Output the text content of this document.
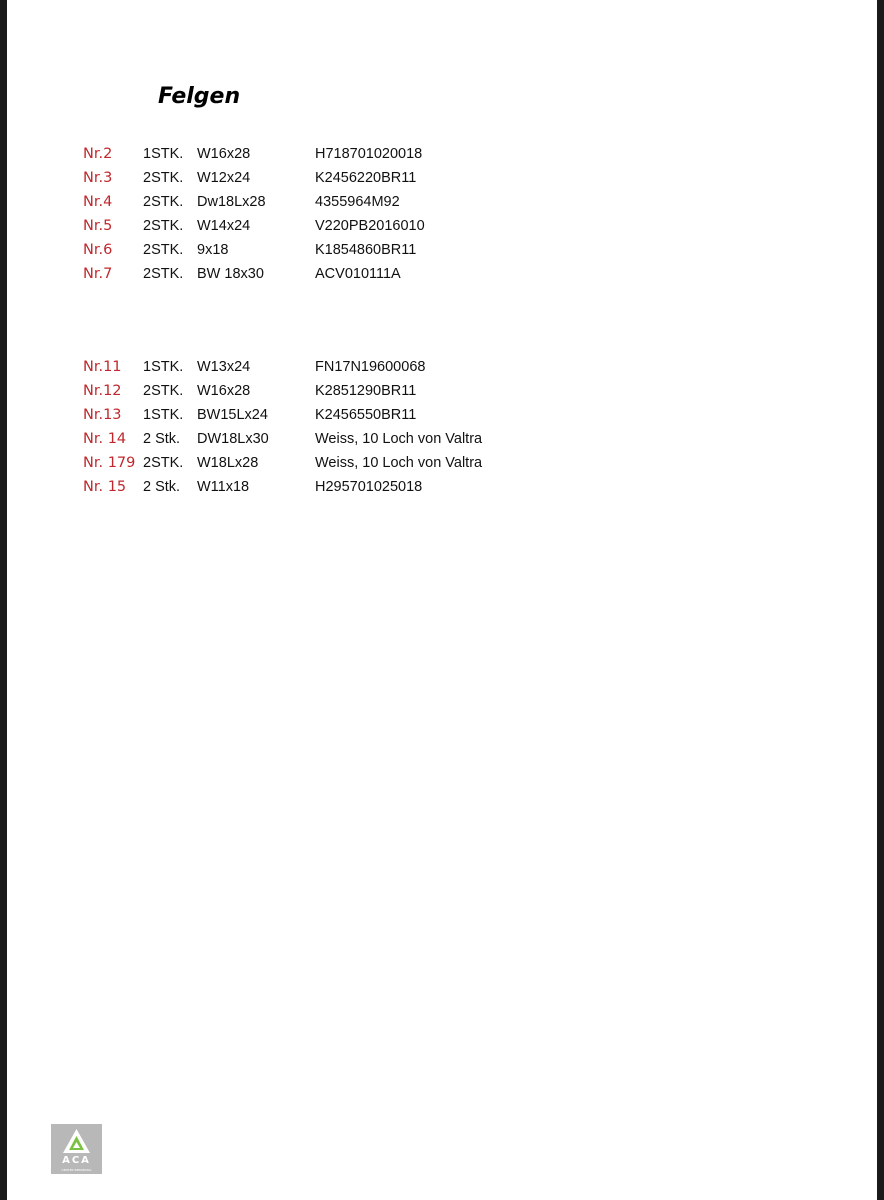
Felgen
Nr.2 1STK. W16x28	H718701020018
Nr.3 2STK. W12x24	K2456220BR11
Nr.4 2STK. Dw18Lx28	4355964M92
Nr.5 2STK. W14x24	V220PB2016010
Nr.6 2STK. 9x18	K1854860BR11
Nr.7 2STK. BW 18x30	ACV010111A
Nr.11 1STK. W13x24	FN17N19600068
Nr.12 2STK. W16x28	K2851290BR11
Nr.13 1STK. BW15Lx24	K2456550BR11
Nr. 14 2 Stk. DW18Lx30	Weiss, 10 Loch von Valtra
Nr. 179 2STK. W18Lx28	Weiss, 10 Loch von Valtra
Nr. 15 2 Stk. W11x18	H295701025018
ACA
CENTER BERNBURG
